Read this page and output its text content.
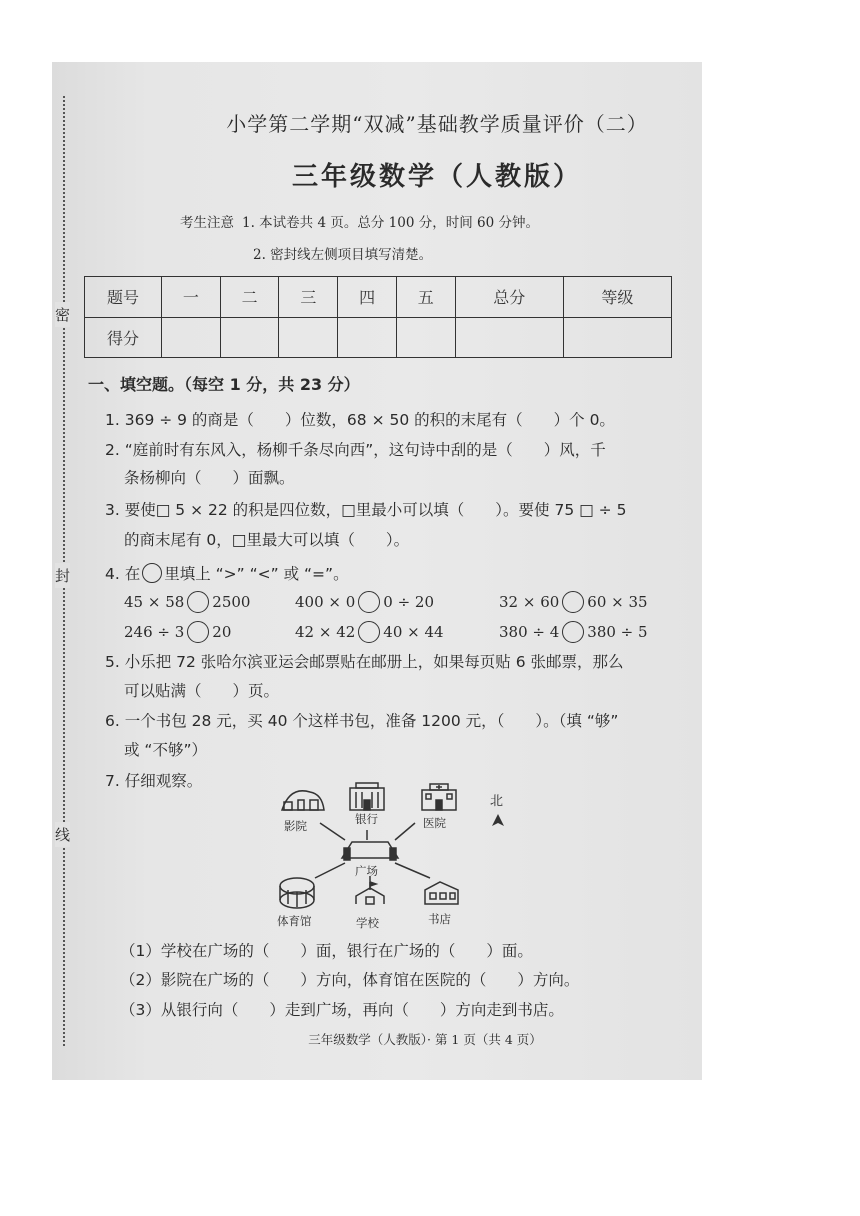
密
封
线
小学第二学期“双减”基础教学质量评价（二）
三年级数学（人教版）
考生注意 1. 本试卷共 4 页。总分 100 分，时间 60 分钟。
2. 密封线左侧项目填写清楚。
题号	一	二	三	四	五	总分	等级
得分							
一、填空题。（每空 1 分，共 23 分）
1. 369 ÷ 9 的商是（　　）位数，68 × 50 的积的末尾有（　　）个 0。
2. “庭前时有东风入，杨柳千条尽向西”，这句诗中刮的是（　　）风，千
条杨柳向（　　）面飘。
3. 要使□ 5 × 22 的积是四位数，□里最小可以填（　　）。要使 75 □ ÷ 5
的商末尾有 0，□里最大可以填（　　）。
4. 在 里填上 “>” “<” 或 “=”。
45 × 58 2500	400 × 0 0 ÷ 20	32 × 60 60 × 35
246 ÷ 3 20	42 × 42 40 × 44	380 ÷ 4 380 ÷ 5
5. 小乐把 72 张哈尔滨亚运会邮票贴在邮册上，如果每页贴 6 张邮票，那么
可以贴满（　　）页。
6. 一个书包 28 元，买 40 个这样书包，准备 1200 元，（　　）。（填 “够”
或 “不够”）
7. 仔细观察。
影院	银行	医院
北
广场
体育馆	学校	书店
（1）学校在广场的（　　）面，银行在广场的（　　）面。
（2）影院在广场的（　　）方向，体育馆在医院的（　　）方向。
（3）从银行向（　　）走到广场，再向（　　）方向走到书店。
三年级数学（人教版）· 第 1 页（共 4 页）
